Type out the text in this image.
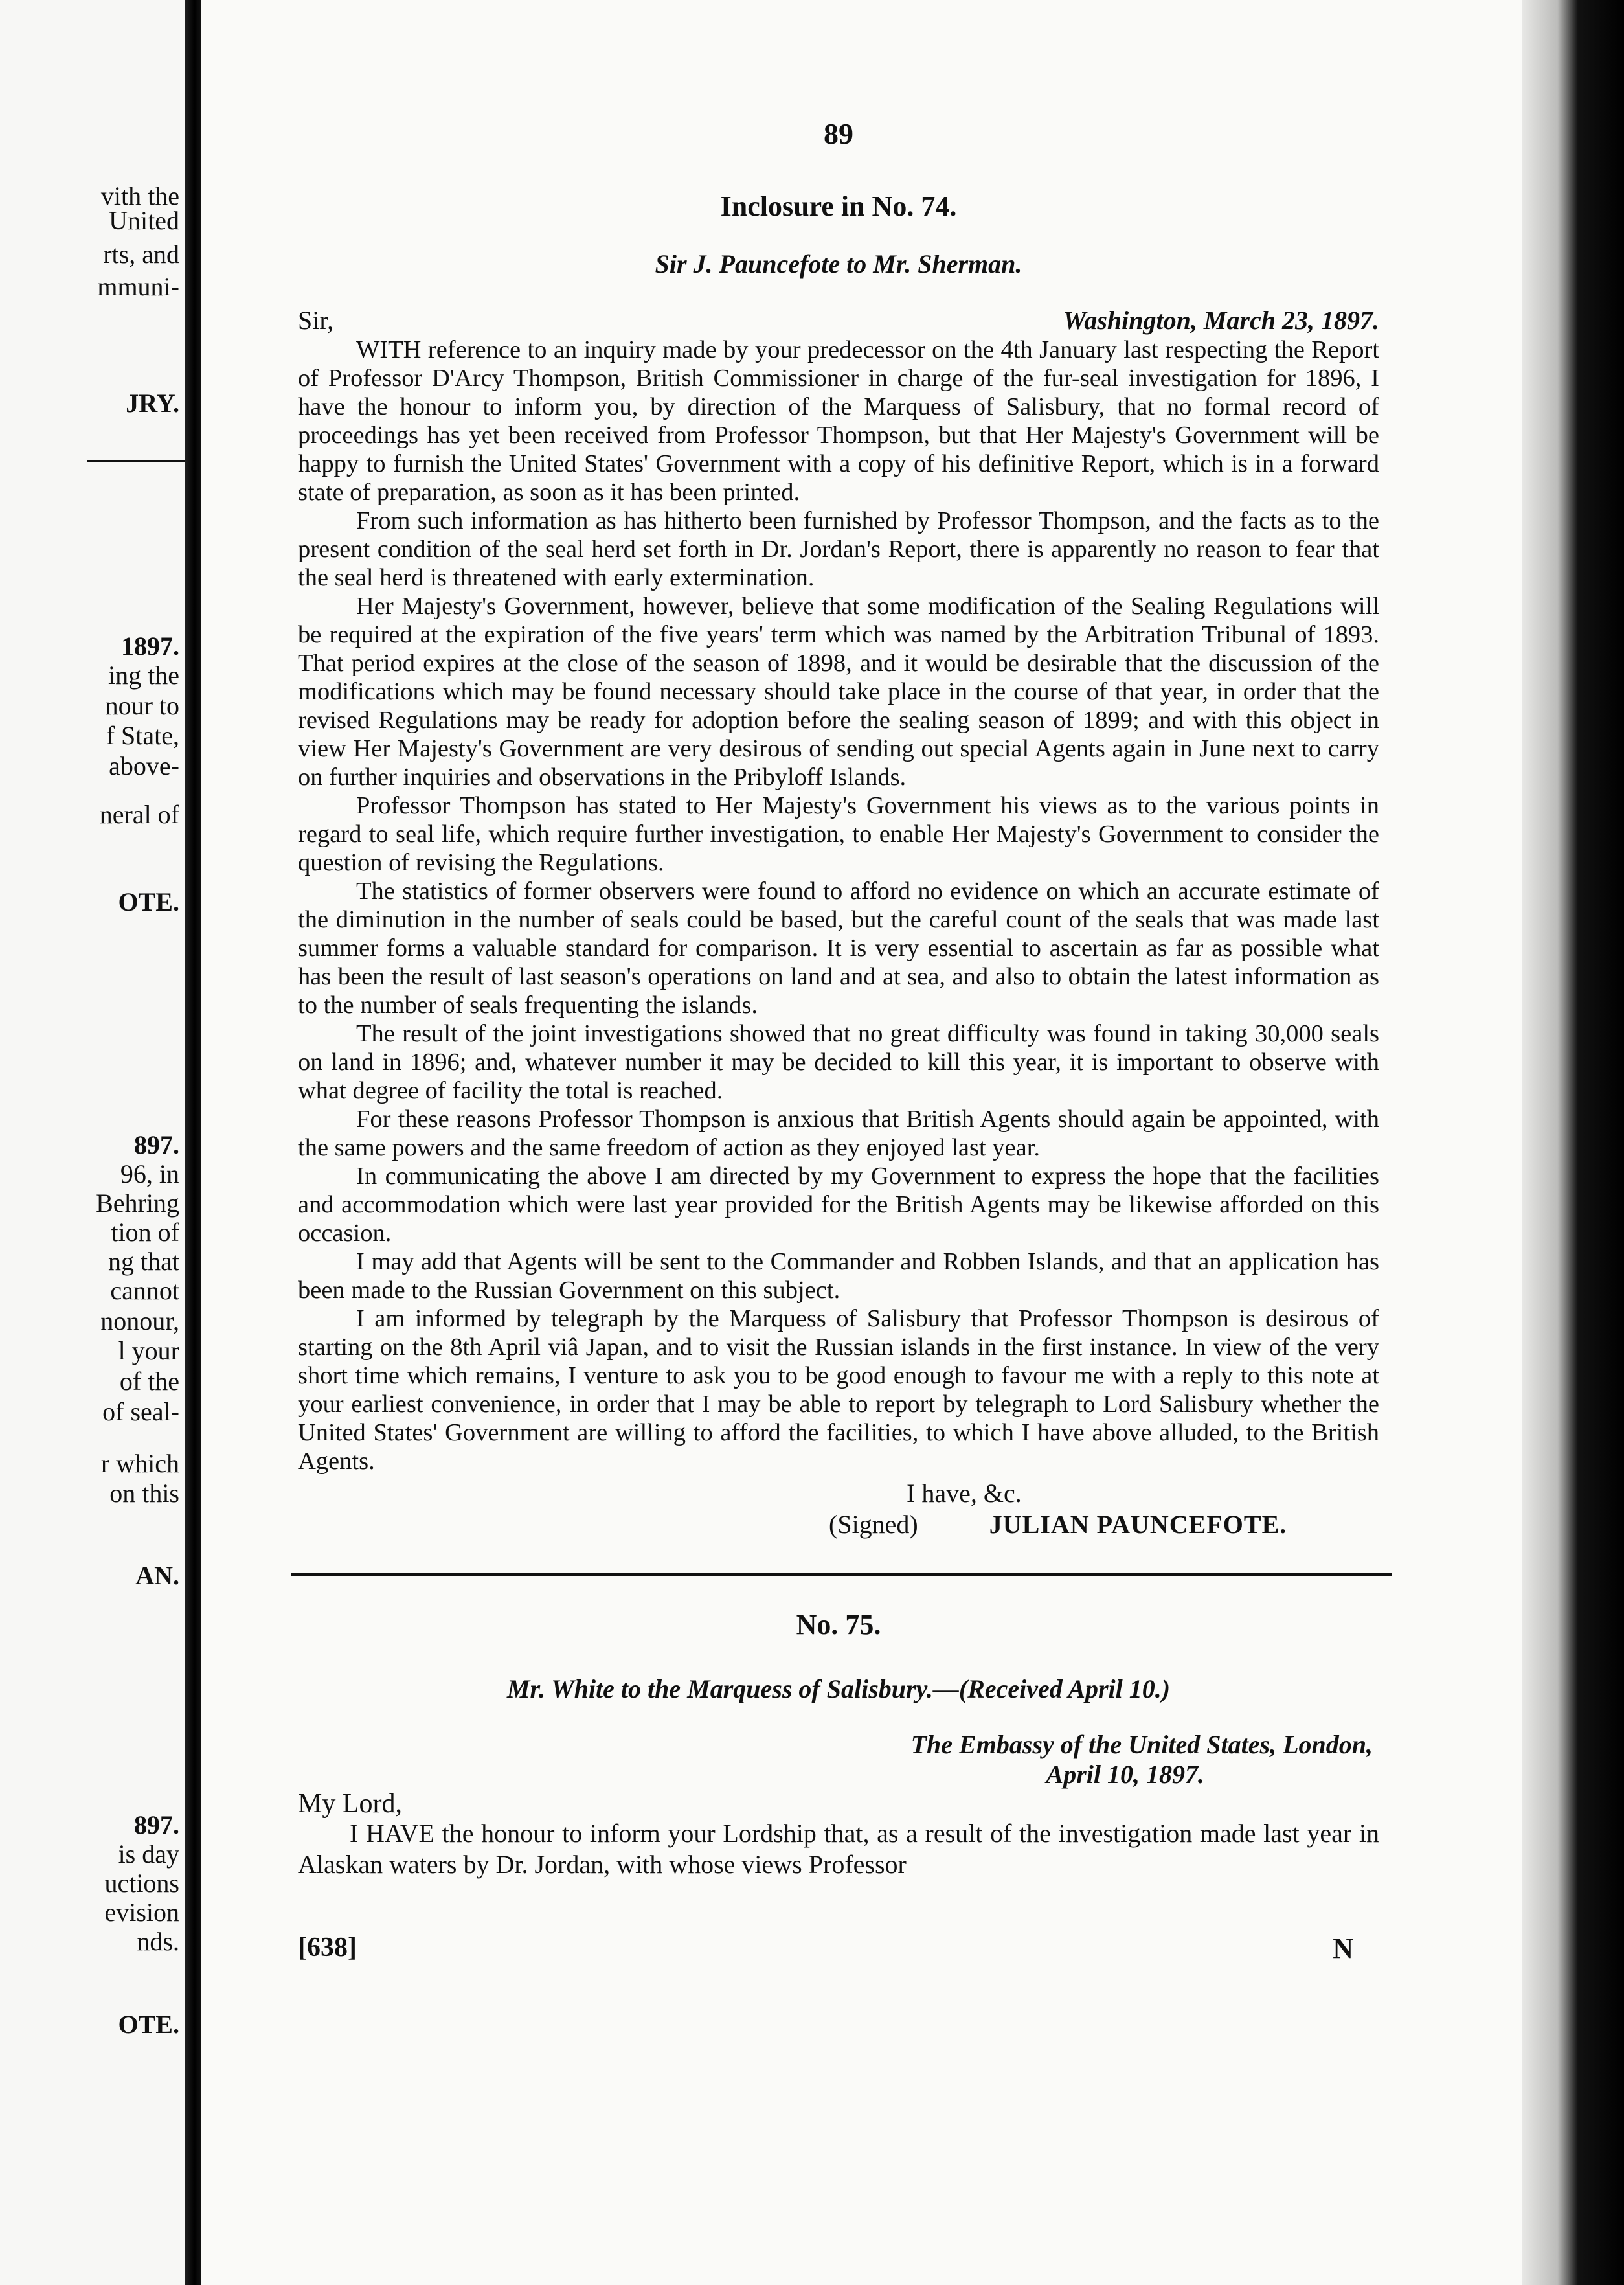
vith the
United
rts, and
mmuni-
JRY.
1897.
ing the
nour to
f State,
above-
neral of
OTE.
897.
96, in
Behring
tion of
ng that
cannot
nonour,
l your
of the
of seal-
r which
on this
AN.
897.
is day
uctions
evision
nds.
OTE.
89
Inclosure in No. 74.
Sir J. Pauncefote to Mr. Sherman.
Sir,	Washington, March 23, 1897.

WITH reference to an inquiry made by your predecessor on the 4th January last respecting the Report of Professor D'Arcy Thompson, British Commissioner in charge of the fur-seal investigation for 1896, I have the honour to inform you, by direction of the Marquess of Salisbury, that no formal record of proceedings has yet been received from Professor Thompson, but that Her Majesty's Government will be happy to furnish the United States' Government with a copy of his definitive Report, which is in a forward state of preparation, as soon as it has been printed.

From such information as has hitherto been furnished by Professor Thompson, and the facts as to the present condition of the seal herd set forth in Dr. Jordan's Report, there is apparently no reason to fear that the seal herd is threatened with early extermination.

Her Majesty's Government, however, believe that some modification of the Sealing Regulations will be required at the expiration of the five years' term which was named by the Arbitration Tribunal of 1893. That period expires at the close of the season of 1898, and it would be desirable that the discussion of the modifications which may be found necessary should take place in the course of that year, in order that the revised Regulations may be ready for adoption before the sealing season of 1899; and with this object in view Her Majesty's Government are very desirous of sending out special Agents again in June next to carry on further inquiries and observations in the Pribyloff Islands.

Professor Thompson has stated to Her Majesty's Government his views as to the various points in regard to seal life, which require further investigation, to enable Her Majesty's Government to consider the question of revising the Regulations.

The statistics of former observers were found to afford no evidence on which an accurate estimate of the diminution in the number of seals could be based, but the careful count of the seals that was made last summer forms a valuable standard for comparison. It is very essential to ascertain as far as possible what has been the result of last season's operations on land and at sea, and also to obtain the latest information as to the number of seals frequenting the islands.

The result of the joint investigations showed that no great difficulty was found in taking 30,000 seals on land in 1896; and, whatever number it may be decided to kill this year, it is important to observe with what degree of facility the total is reached.

For these reasons Professor Thompson is anxious that British Agents should again be appointed, with the same powers and the same freedom of action as they enjoyed last year.

In communicating the above I am directed by my Government to express the hope that the facilities and accommodation which were last year provided for the British Agents may be likewise afforded on this occasion.

I may add that Agents will be sent to the Commander and Robben Islands, and that an application has been made to the Russian Government on this subject.

I am informed by telegraph by the Marquess of Salisbury that Professor Thompson is desirous of starting on the 8th April viâ Japan, and to visit the Russian islands in the first instance. In view of the very short time which remains, I venture to ask you to be good enough to favour me with a reply to this note at your earliest convenience, in order that I may be able to report by telegraph to Lord Salisbury whether the United States' Government are willing to afford the facilities, to which I have above alluded, to the British Agents.

I have, &c.
(Signed)	JULIAN PAUNCEFOTE.
No. 75.
Mr. White to the Marquess of Salisbury.—(Received April 10.)
The Embassy of the United States, London,
April 10, 1897.
My Lord,

I HAVE the honour to inform your Lordship that, as a result of the investigation made last year in Alaskan waters by Dr. Jordan, with whose views Professor

[638]	N
